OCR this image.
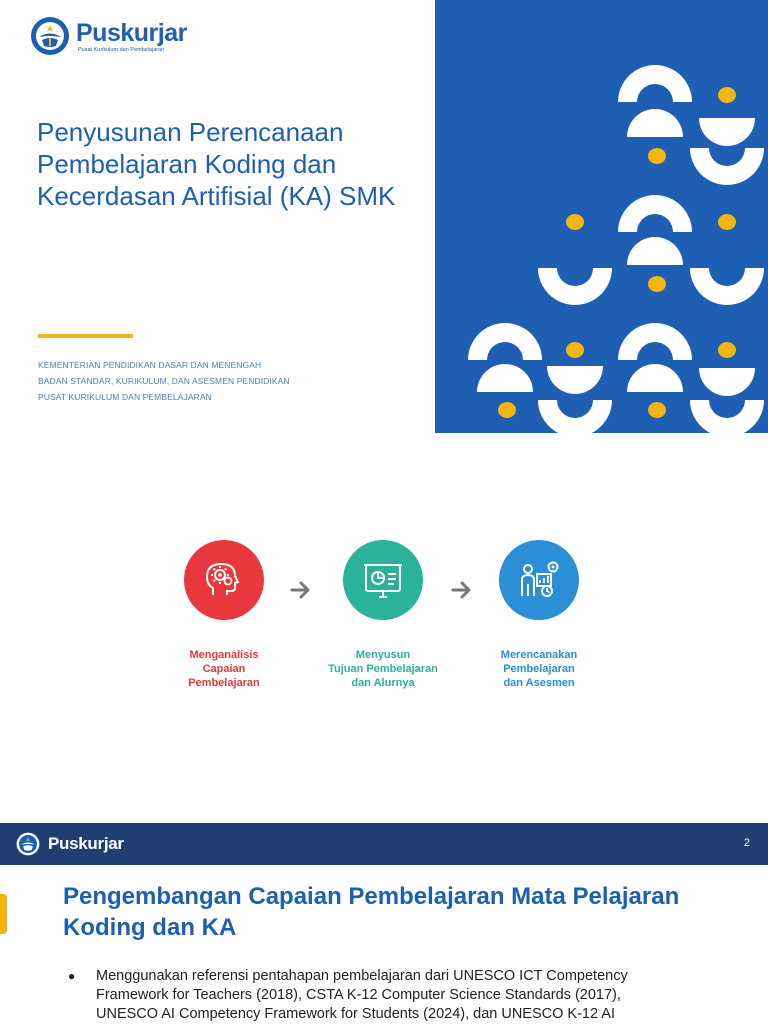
Puskurjar
Pusat Kurikulum dan Pembelajaran
Penyusunan Perencanaan Pembelajaran Koding dan Kecerdasan Artifisial (KA) SMK
KEMENTERIAN PENDIDIKAN DASAR DAN MENENGAH
BADAN STANDAR, KURIKULUM, DAN ASESMEN PENDIDIKAN
PUSAT KURIKULUM DAN PEMBELAJARAN
Menganalisis
Capaian
Pembelajaran
Menyusun
Tujuan Pembelajaran
dan Alurnya
Merencanakan
Pembelajaran
dan Asesmen
Puskurjar	2
Pengembangan Capaian Pembelajaran Mata Pelajaran Koding dan KA
● Menggunakan referensi pentahapan pembelajaran dari UNESCO ICT Competency
Framework for Teachers (2018), CSTA K-12 Computer Science Standards (2017),
UNESCO AI Competency Framework for Students (2024), dan UNESCO K-12 AI
